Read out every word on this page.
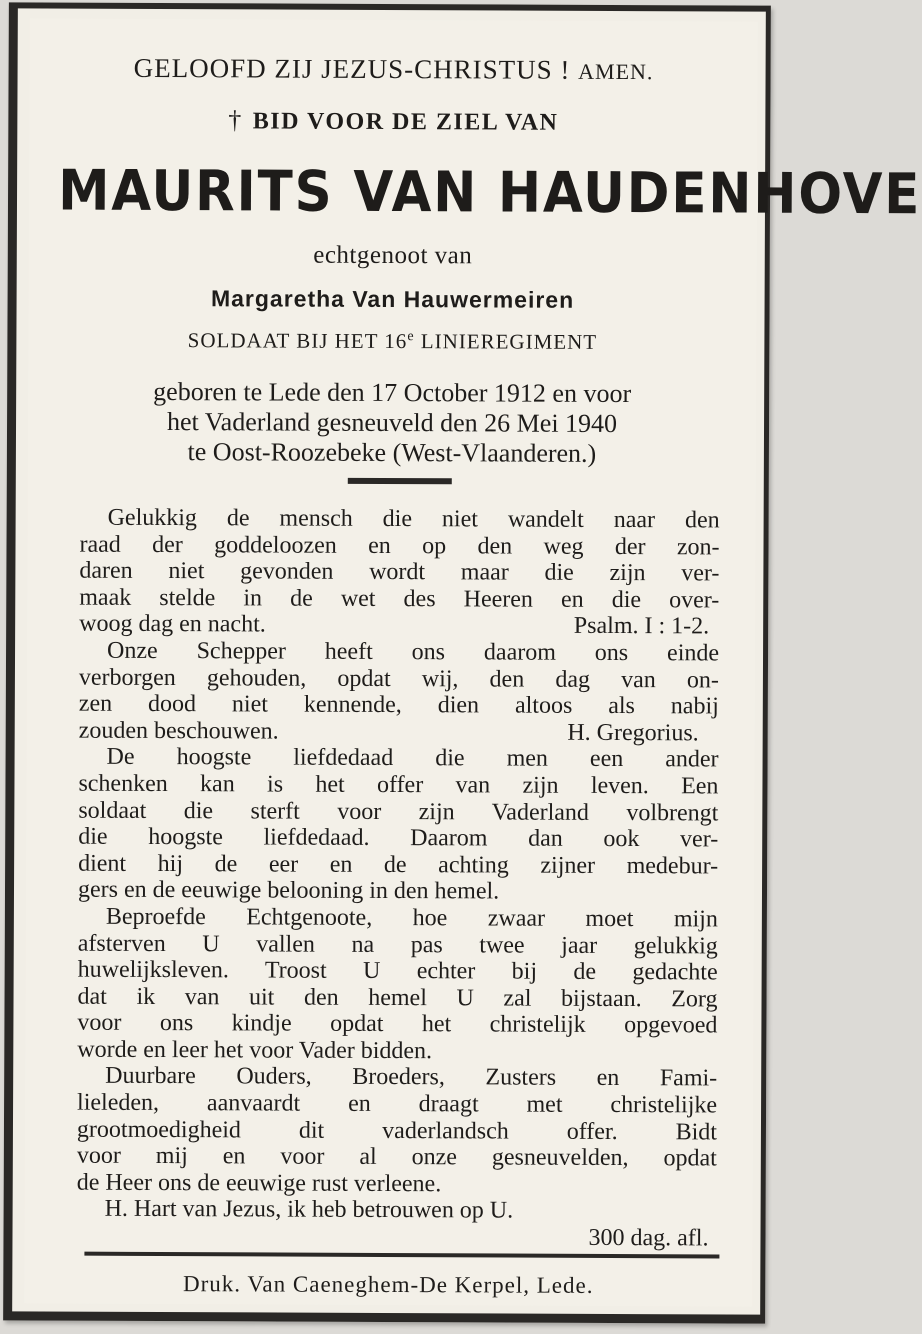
GELOOFD ZIJ JEZUS-CHRISTUS ! AMEN.
† BID VOOR DE ZIEL VAN
MAURITS VAN HAUDENHOVE
echtgenoot van
Margaretha Van Hauwermeiren
SOLDAAT BIJ HET 16e LINIEREGIMENT
geboren te Lede den 17 October 1912 en voor
het Vaderland gesneuveld den 26 Mei 1940
te Oost-Roozebeke (West-Vlaanderen.)
Gelukkig de mensch die niet wandelt naar den
raad der goddeloozen en op den weg der zon-
daren niet gevonden wordt maar die zijn ver-
maak stelde in de wet des Heeren en die over-
woog dag en nacht.	Psalm. I : 1-2.
Onze Schepper heeft ons daarom ons einde
verborgen gehouden, opdat wij, den dag van on-
zen dood niet kennende, dien altoos als nabij
zouden beschouwen.	H. Gregorius.
De hoogste liefdedaad die men een ander
schenken kan is het offer van zijn leven. Een
soldaat die sterft voor zijn Vaderland volbrengt
die hoogste liefdedaad. Daarom dan ook ver-
dient hij de eer en de achting zijner medebur-
gers en de eeuwige belooning in den hemel.
Beproefde Echtgenoote, hoe zwaar moet mijn
afsterven U vallen na pas twee jaar gelukkig
huwelijksleven. Troost U echter bij de gedachte
dat ik van uit den hemel U zal bijstaan. Zorg
voor ons kindje opdat het christelijk opgevoed
worde en leer het voor Vader bidden.
Duurbare Ouders, Broeders, Zusters en Fami-
lieleden, aanvaardt en draagt met christelijke
grootmoedigheid dit vaderlandsch offer. Bidt
voor mij en voor al onze gesneuvelden, opdat
de Heer ons de eeuwige rust verleene.
H. Hart van Jezus, ik heb betrouwen op U.
300 dag. afl.
Druk. Van Caeneghem-De Kerpel, Lede.
